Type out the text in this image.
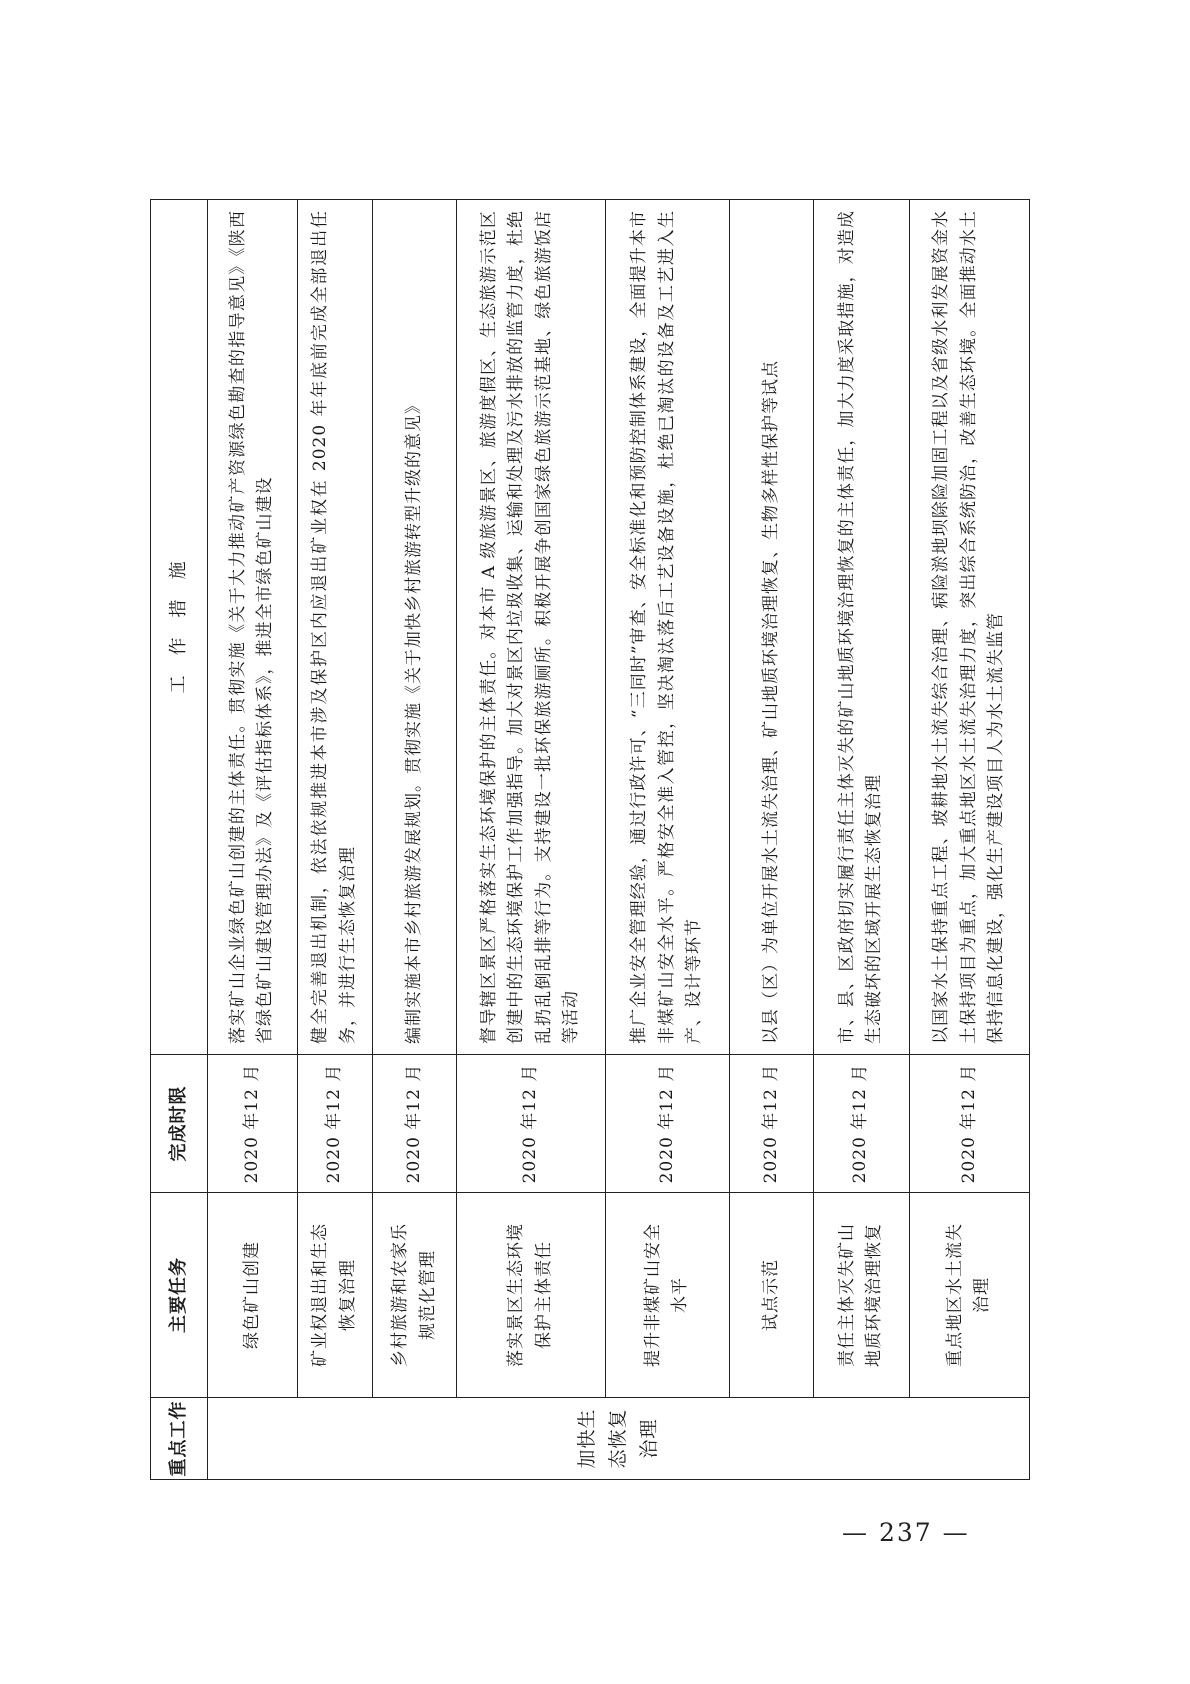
重点工作	主要任务	完成时限	工　作　措　施
加快生态恢复治理	绿色矿山创建	2020 年12 月	落实矿山企业绿色矿山创建的主体责任。贯彻实施《关于大力推动矿产资源绿色勘查的指导意见》《陕西省绿色矿山建设管理办法》及《评估指标体系》，推进全市绿色矿山建设
	矿业权退出和生态恢复治理	2020 年12 月	健全完善退出机制，依法依规推进本市涉及保护区内应退出矿业权在 2020 年年底前完成全部退出任务，并进行生态恢复治理
	乡村旅游和农家乐规范化管理	2020 年12 月	编制实施本市乡村旅游发展规划。贯彻实施《关于加快乡村旅游转型升级的意见》
	落实景区生态环境保护主体责任	2020 年12 月	督导辖区景区严格落实生态环境保护的主体责任。对本市 A 级旅游景区、旅游度假区、生态旅游示范区创建中的生态环境保护工作加强指导。加大对景区内垃圾收集、运输和处理及污水排放的监管力度，杜绝乱扔乱倒乱排等行为。支持建设一批环保旅游厕所。积极开展争创国家绿色旅游示范基地、绿色旅游饭店等活动
	提升非煤矿山安全水平	2020 年12 月	推广企业安全管理经验，通过行政许可、“三同时”审查、安全标准化和预防控制体系建设，全面提升本市非煤矿山安全水平。严格安全准入管控，坚决淘汰落后工艺设备设施，杜绝已淘汰的设备及工艺进入生产、设计等环节
	试点示范	2020 年12 月	以县（区）为单位开展水土流失治理、矿山地质环境治理恢复、生物多样性保护等试点
	责任主体灭失矿山地质环境治理恢复	2020 年12 月	市、县、区政府切实履行责任主体灭失的矿山地质环境治理恢复的主体责任，加大力度采取措施，对造成生态破坏的区域开展生态恢复治理
	重点地区水土流失治理	2020 年12 月	以国家水土保持重点工程、坡耕地水土流失综合治理、病险淤地坝除险加固工程以及省级水利发展资金水土保持项目为重点，加大重点地区水土流失治理力度，突出综合系统防治，改善生态环境。全面推动水土保持信息化建设，强化生产建设项目人为水土流失监管
— 237 —
